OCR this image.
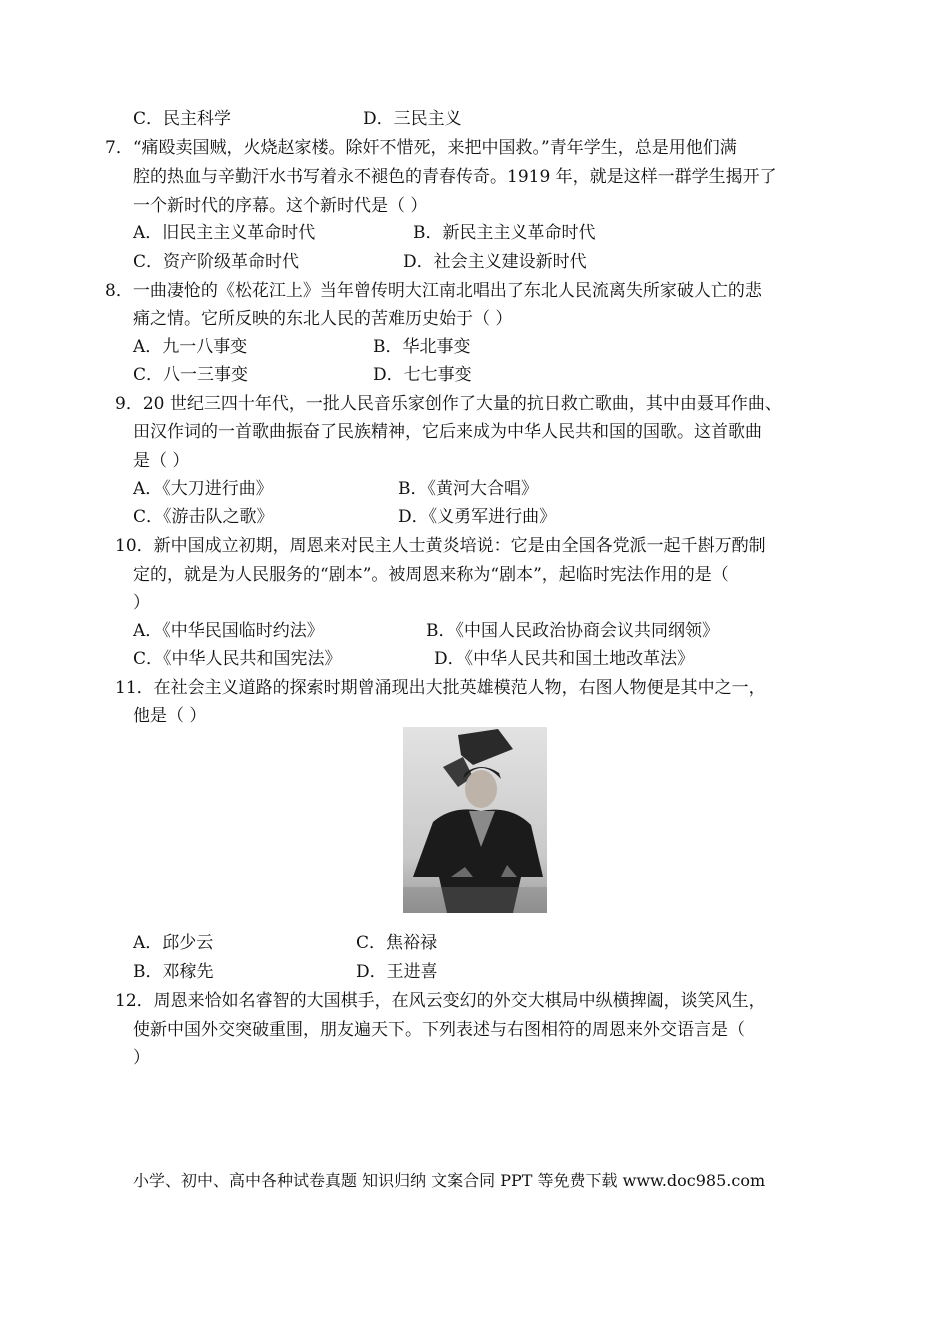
C．民主科学	D．三民主义
7．“痛殴卖国贼，火烧赵家楼。除奸不惜死，来把中国救。”青年学生，总是用他们满
腔的热血与辛勤汗水书写着永不褪色的青春传奇。1919 年，就是这样一群学生揭开了
一个新时代的序幕。这个新时代是（ ）
A．旧民主主义革命时代	B．新民主主义革命时代
C．资产阶级革命时代	D．社会主义建设新时代
8．一曲凄怆的《松花江上》当年曾传明大江南北唱出了东北人民流离失所家破人亡的悲
痛之情。它所反映的东北人民的苦难历史始于（ ）
A．九一八事变	B．华北事变
C．八一三事变	D．七七事变
9．20 世纪三四十年代，一批人民音乐家创作了大量的抗日救亡歌曲，其中由聂耳作曲、
田汉作词的一首歌曲振奋了民族精神，它后来成为中华人民共和国的国歌。这首歌曲
是（ ）
A．《大刀进行曲》	B．《黄河大合唱》
C．《游击队之歌》	D．《义勇军进行曲》
10．新中国成立初期，周恩来对民主人士黄炎培说：它是由全国各党派一起千斟万酌制
定的，就是为人民服务的“剧本”。被周恩来称为“剧本”，起临时宪法作用的是（
）
A．《中华民国临时约法》	B．《中国人民政治协商会议共同纲领》
C．《中华人民共和国宪法》	D．《中华人民共和国土地改革法》
11．在社会主义道路的探索时期曾涌现出大批英雄模范人物，右图人物便是其中之一，
他是（ ）
A．邱少云	C．焦裕禄
B．邓稼先	D．王进喜
12．周恩来恰如名睿智的大国棋手，在风云变幻的外交大棋局中纵横捭阖，谈笑风生，
使新中国外交突破重围，朋友遍天下。下列表述与右图相符的周恩来外交语言是（
）
小学、初中、高中各种试卷真题 知识归纳 文案合同 PPT 等免费下载 www.doc985.com
